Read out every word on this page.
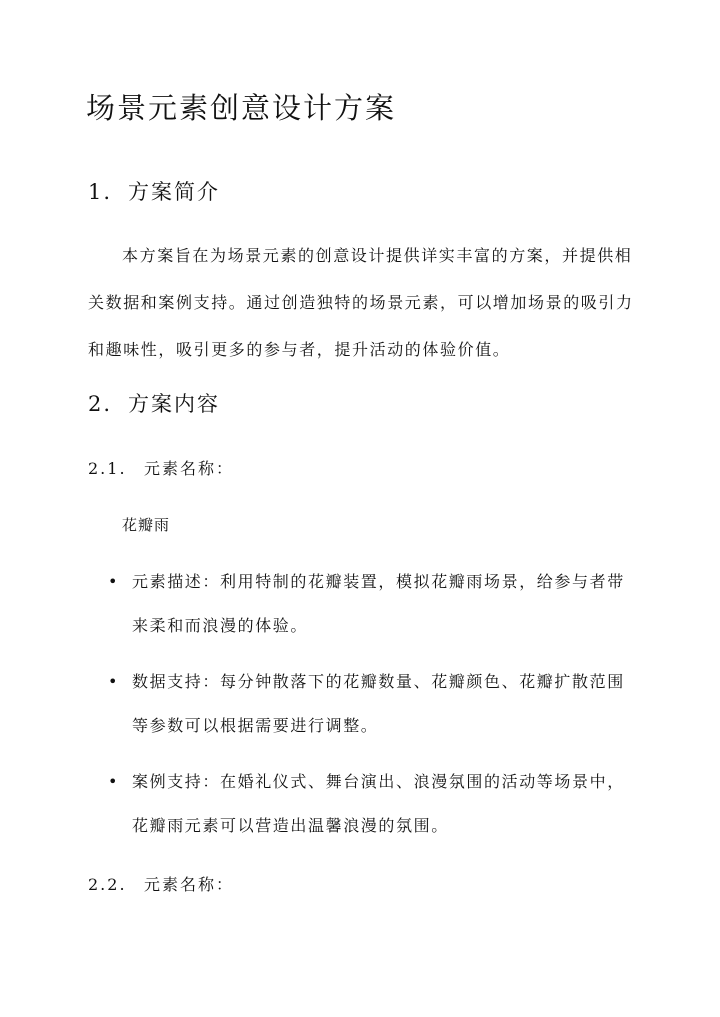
场景元素创意设计方案
1. 方案简介

本方案旨在为场景元素的创意设计提供详实丰富的方案，并提供相关数据和案例支持。通过创造独特的场景元素，可以增加场景的吸引力和趣味性，吸引更多的参与者，提升活动的体验价值。

2. 方案内容
2.1. 元素名称：

花瓣雨

• 元素描述：利用特制的花瓣装置，模拟花瓣雨场景，给参与者带来柔和而浪漫的体验。
• 数据支持：每分钟散落下的花瓣数量、花瓣颜色、花瓣扩散范围等参数可以根据需要进行调整。
• 案例支持：在婚礼仪式、舞台演出、浪漫氛围的活动等场景中，花瓣雨元素可以营造出温馨浪漫的氛围。
2.2. 元素名称：
